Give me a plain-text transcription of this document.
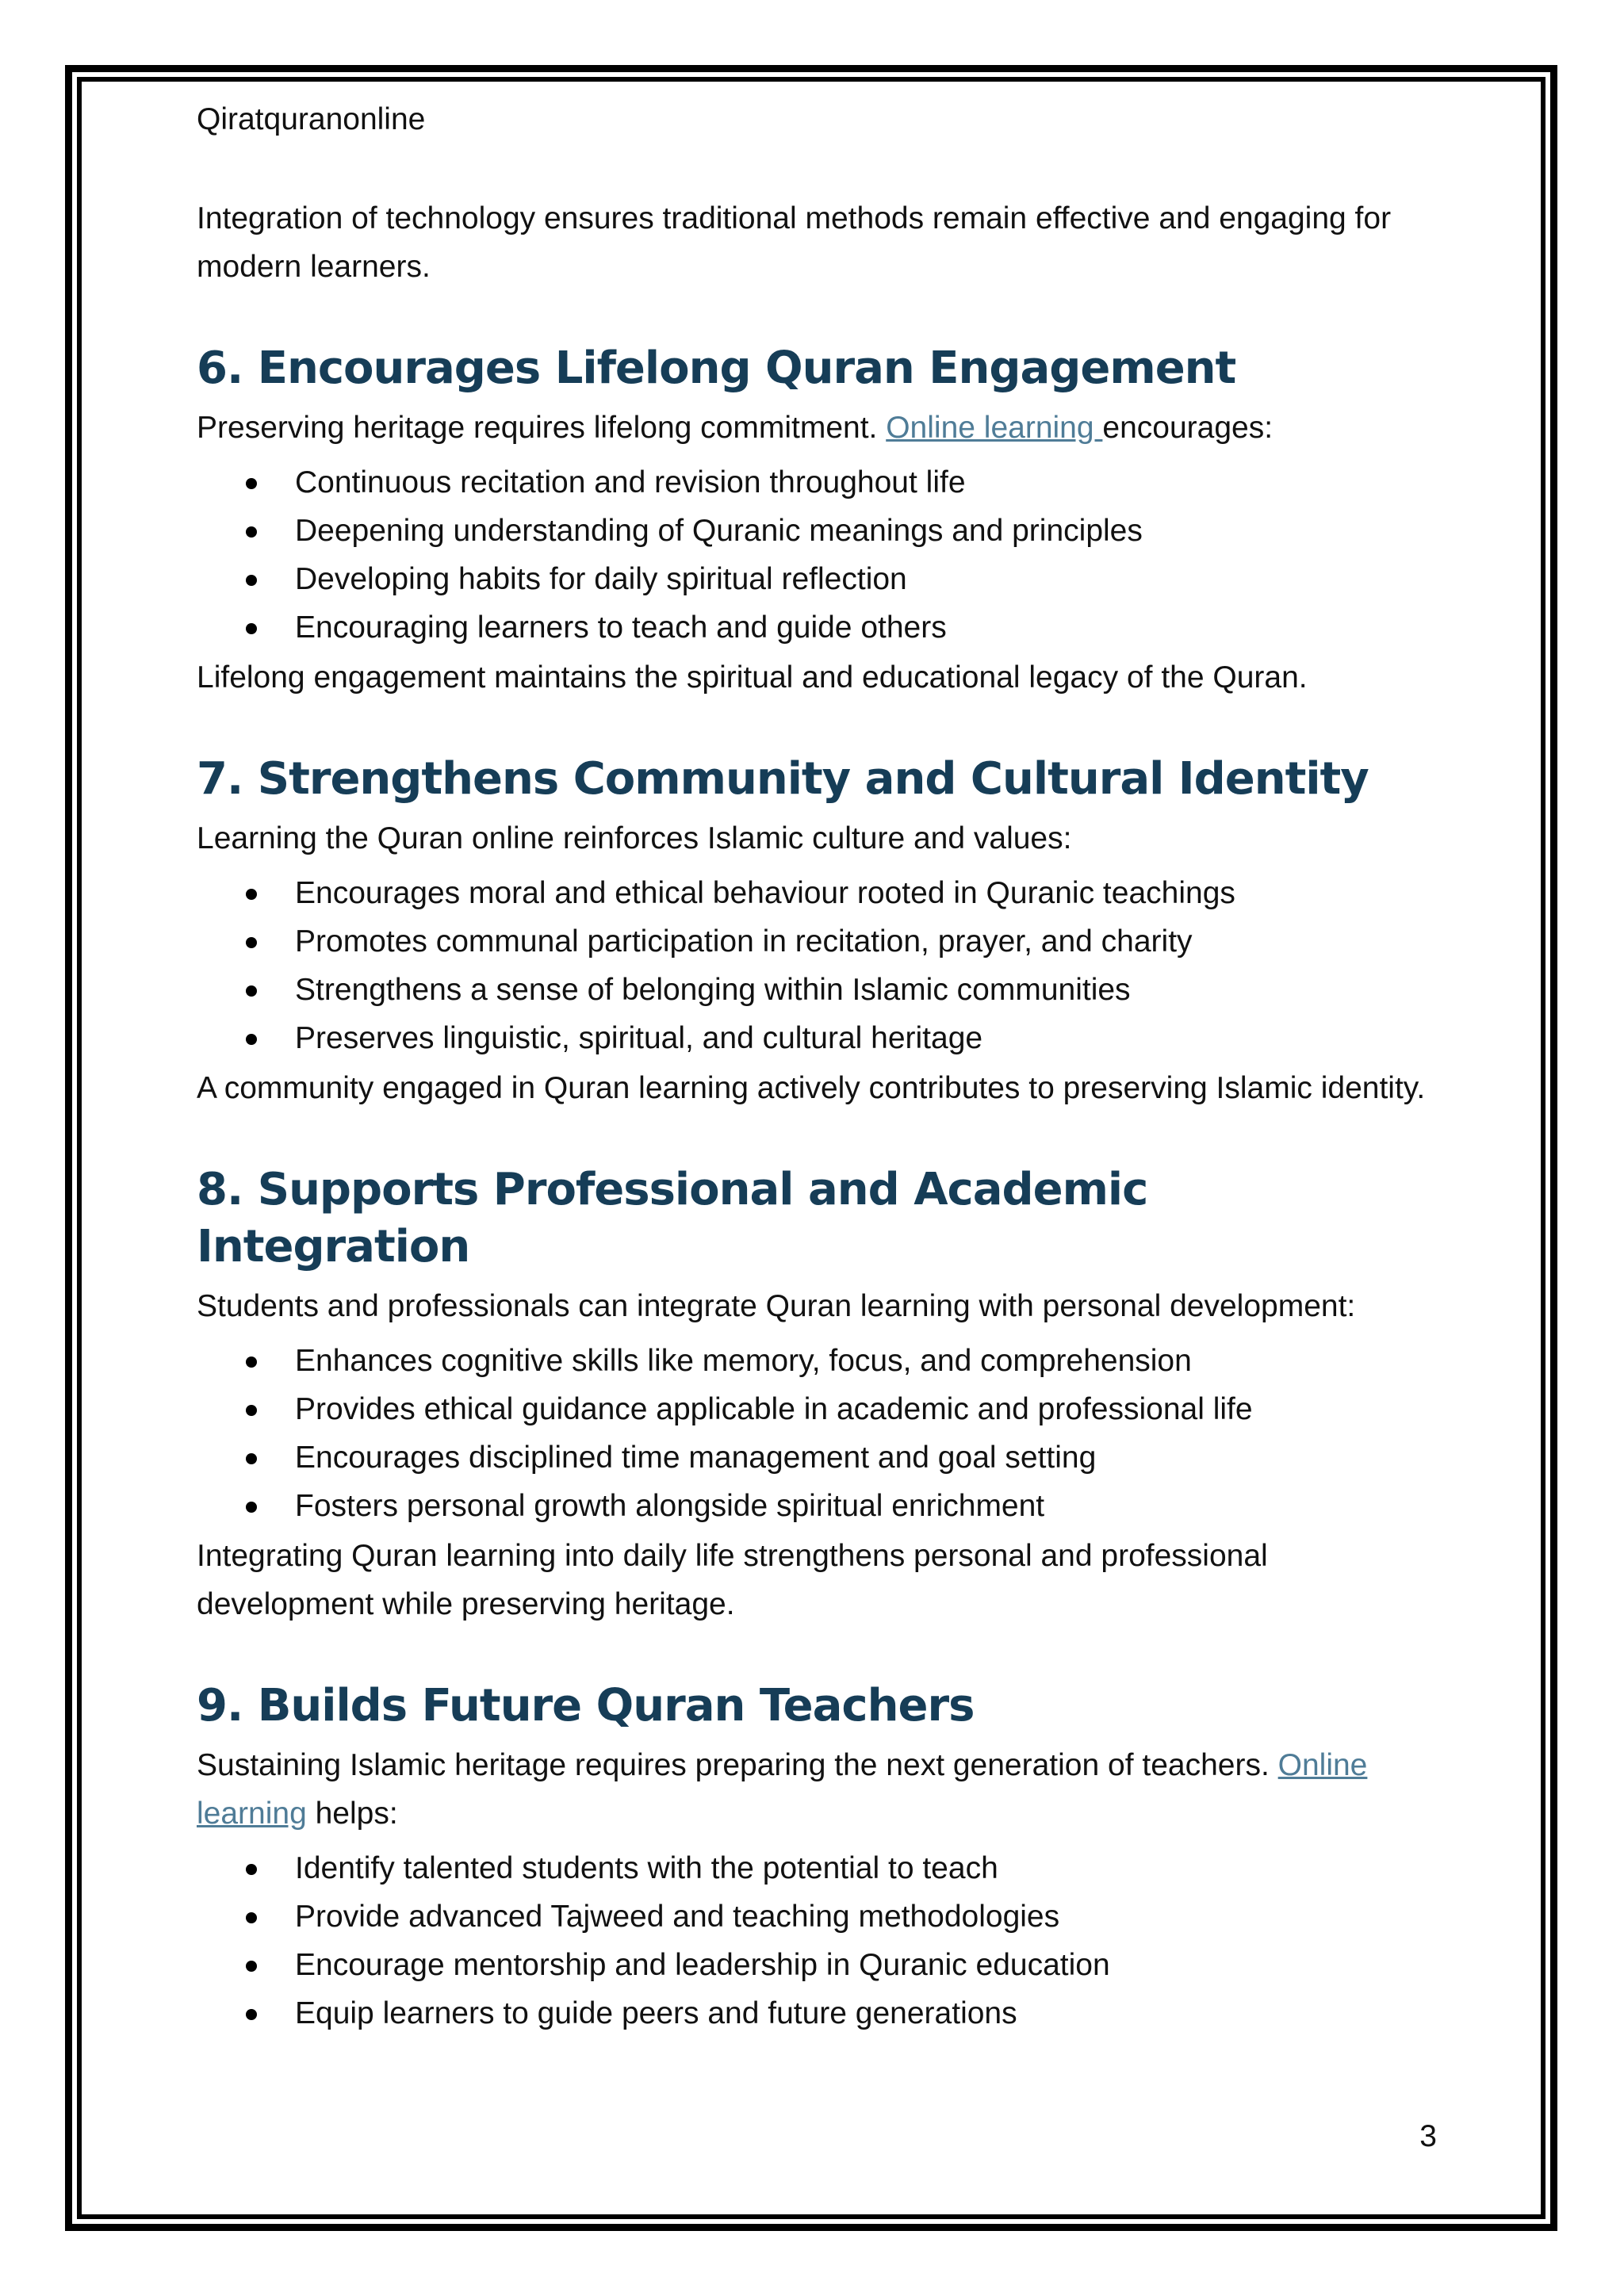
Qiratquranonline

Integration of technology ensures traditional methods remain effective and engaging for modern learners.

6. Encourages Lifelong Quran Engagement

Preserving heritage requires lifelong commitment. Online learning encourages:

Continuous recitation and revision throughout life
Deepening understanding of Quranic meanings and principles
Developing habits for daily spiritual reflection
Encouraging learners to teach and guide others

Lifelong engagement maintains the spiritual and educational legacy of the Quran.

7. Strengthens Community and Cultural Identity

Learning the Quran online reinforces Islamic culture and values:

Encourages moral and ethical behaviour rooted in Quranic teachings
Promotes communal participation in recitation, prayer, and charity
Strengthens a sense of belonging within Islamic communities
Preserves linguistic, spiritual, and cultural heritage

A community engaged in Quran learning actively contributes to preserving Islamic identity.

8. Supports Professional and Academic Integration

Students and professionals can integrate Quran learning with personal development:

Enhances cognitive skills like memory, focus, and comprehension
Provides ethical guidance applicable in academic and professional life
Encourages disciplined time management and goal setting
Fosters personal growth alongside spiritual enrichment

Integrating Quran learning into daily life strengthens personal and professional development while preserving heritage.

9. Builds Future Quran Teachers

Sustaining Islamic heritage requires preparing the next generation of teachers. Online learning helps:

Identify talented students with the potential to teach
Provide advanced Tajweed and teaching methodologies
Encourage mentorship and leadership in Quranic education
Equip learners to guide peers and future generations
3
